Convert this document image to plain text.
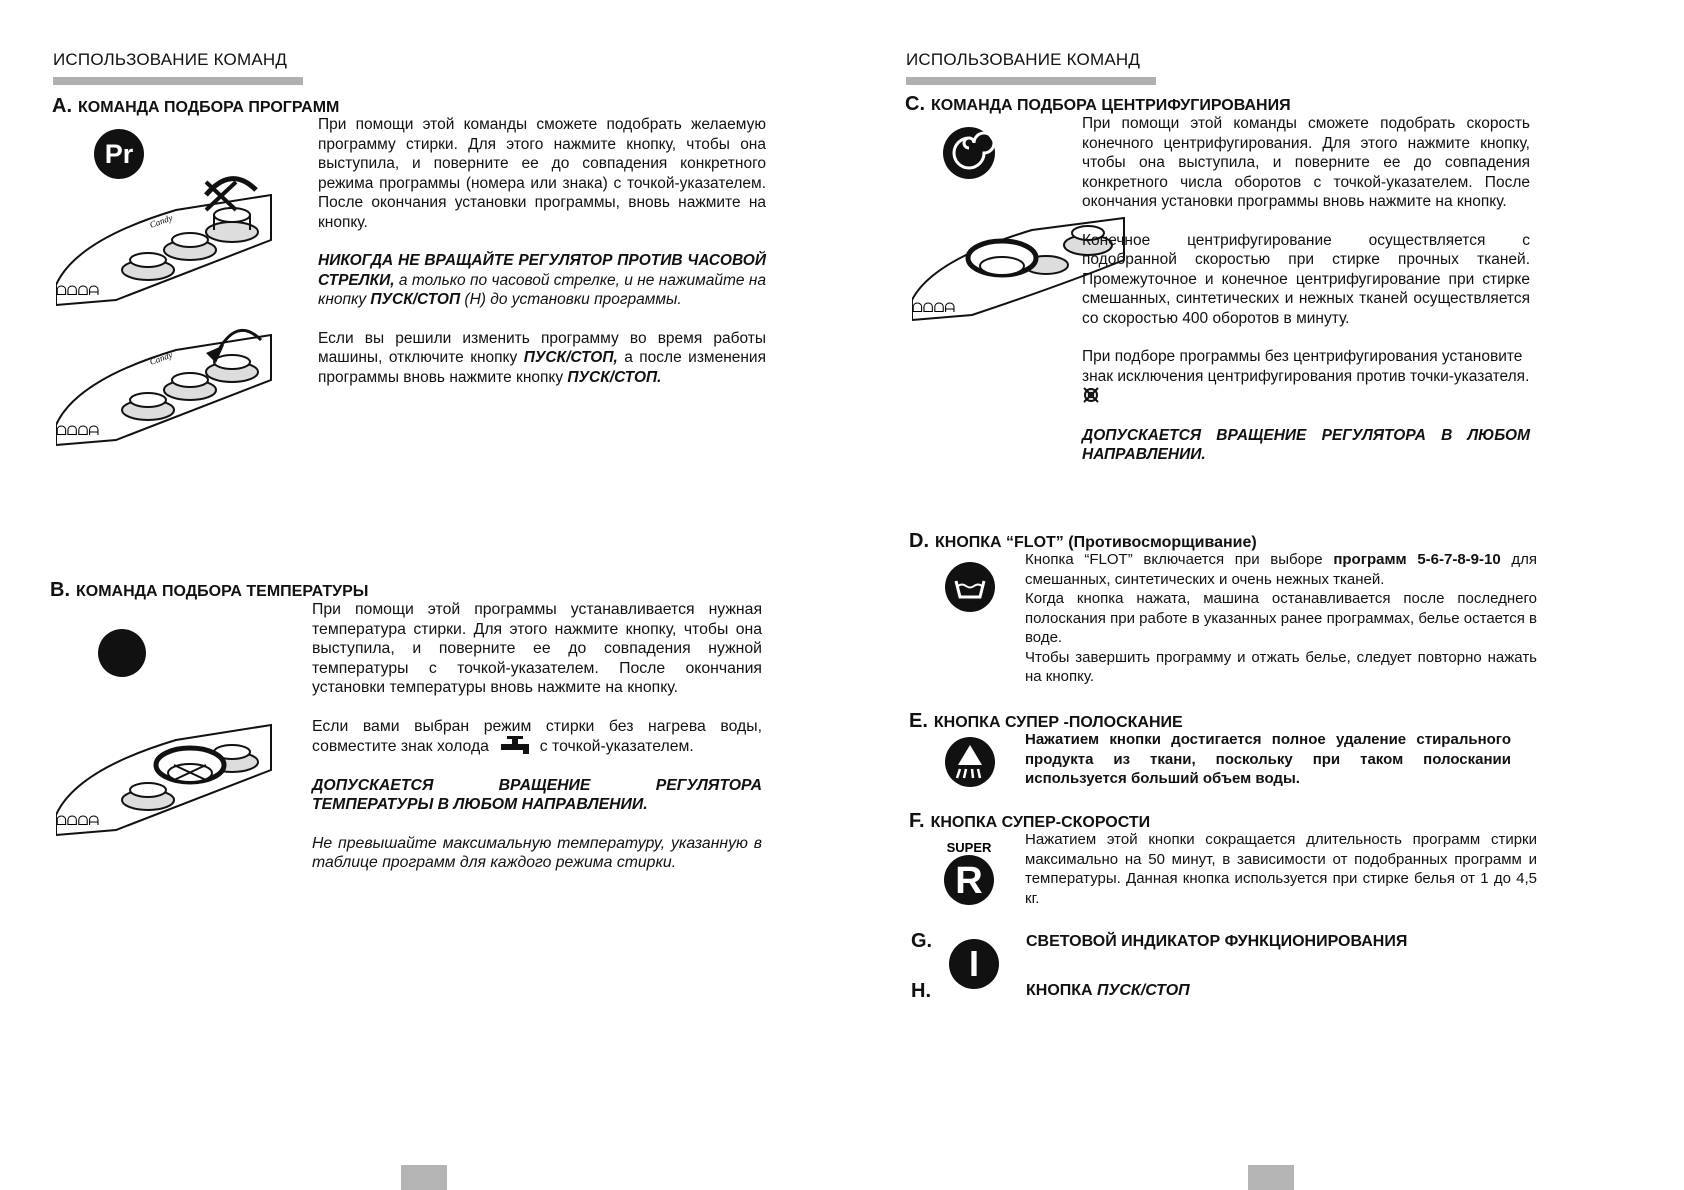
ИСПОЛЬЗОВАНИЕ КОМАНД
A. КОМАНДА ПОДБОРА ПРОГРАММ
Pr
Candy
ᗝᗝᗝᗩ
Candy
ᗝᗝᗝᗩ

При помощи этой команды сможете подобрать желаемую программу стирки. Для этого нажмите кнопку, чтобы она выступила, и поверните ее до совпадения конкретного режима программы (номера или знака) с точкой-указателем. После окончания установки программы, вновь нажмите на кнопку.

НИКОГДА НЕ ВРАЩАЙТЕ РЕГУЛЯТОР ПРОТИВ ЧАСОВОЙ СТРЕЛКИ, а только по часовой стрелке, и не нажимайте на кнопку ПУСК/СТОП (H) до установки программы.

Если вы решили изменить программу во время работы машины, отключите кнопку ПУСК/СТОП, а после изменения программы вновь нажмите кнопку ПУСК/СТОП.

B. КОМАНДА ПОДБОРА ТЕМПЕРАТУРЫ
ᗝᗝᗝᗩ

При помощи этой программы устанавливается нужная температура стирки. Для этого нажмите кнопку, чтобы она выступила, и поверните ее до совпадения нужной температуры с точкой-указателем. После окончания установки температуры вновь нажмите на кнопку.

Если вами выбран режим стирки без нагрева воды, совместите знак холода	с точкой-указателем.

ДОПУСКАЕТСЯ ВРАЩЕНИЕ РЕГУЛЯТОРА ТЕМПЕРАТУРЫ В ЛЮБОМ НАПРАВЛЕНИИ.

Не превышайте максимальную температуру, указанную в таблице программ для каждого режима стирки.

ИСПОЛЬЗОВАНИЕ КОМАНД
C. КОМАНДА ПОДБОРА ЦЕНТРИФУГИРОВАНИЯ
ᗝᗝᗝᗩ

При помощи этой команды сможете подобрать скорость конечного центрифугирования. Для этого нажмите кнопку, чтобы она выступила, и поверните ее до совпадения конкретного числа оборотов с точкой-указателем. После окончания установки программы вновь нажмите на кнопку.

Конечное центрифугирование осуществляется с подобранной скоростью при стирке прочных тканей. Промежуточное и конечное центрифугирование при стирке смешанных, синтетических и нежных тканей осуществляется со скоростью 400 оборотов в минуту.

При подборе программы без центрифугирования установите знак исключения центрифугирования против точки-указателя.

ДОПУСКАЕТСЯ ВРАЩЕНИЕ РЕГУЛЯТОРА В ЛЮБОМ НАПРАВЛЕНИИ.

D. КНОПКА “FLOT” (Противосморщивание)
Кнопка “FLOT” включается при выборе программ 5-6-7-8-9-10 для смешанных, синтетических и очень нежных тканей.
Когда кнопка нажата, машина останавливается после последнего полоскания при работе в указанных ранее программах, белье остается в воде.
Чтобы завершить программу и отжать белье, следует повторно нажать на кнопку.
E. КНОПКА СУПЕР -ПОЛОСКАНИЕ
Нажатием кнопки достигается полное удаление стирального продукта из ткани, поскольку при таком полоскании используется больший объем воды.
F. КНОПКА СУПЕР-СКОРОСТИ
SUPER
R
Нажатием этой кнопки сокращается длительность программ стирки максимально на 50 минут, в зависимости от подобранных программ и температуры. Данная кнопка используется при стирке белья от 1 до 4,5 кг.
G.
I
СВЕТОВОЙ ИНДИКАТОР ФУНКЦИОНИРОВАНИЯ
H.	КНОПКА ПУСК/СТОП
